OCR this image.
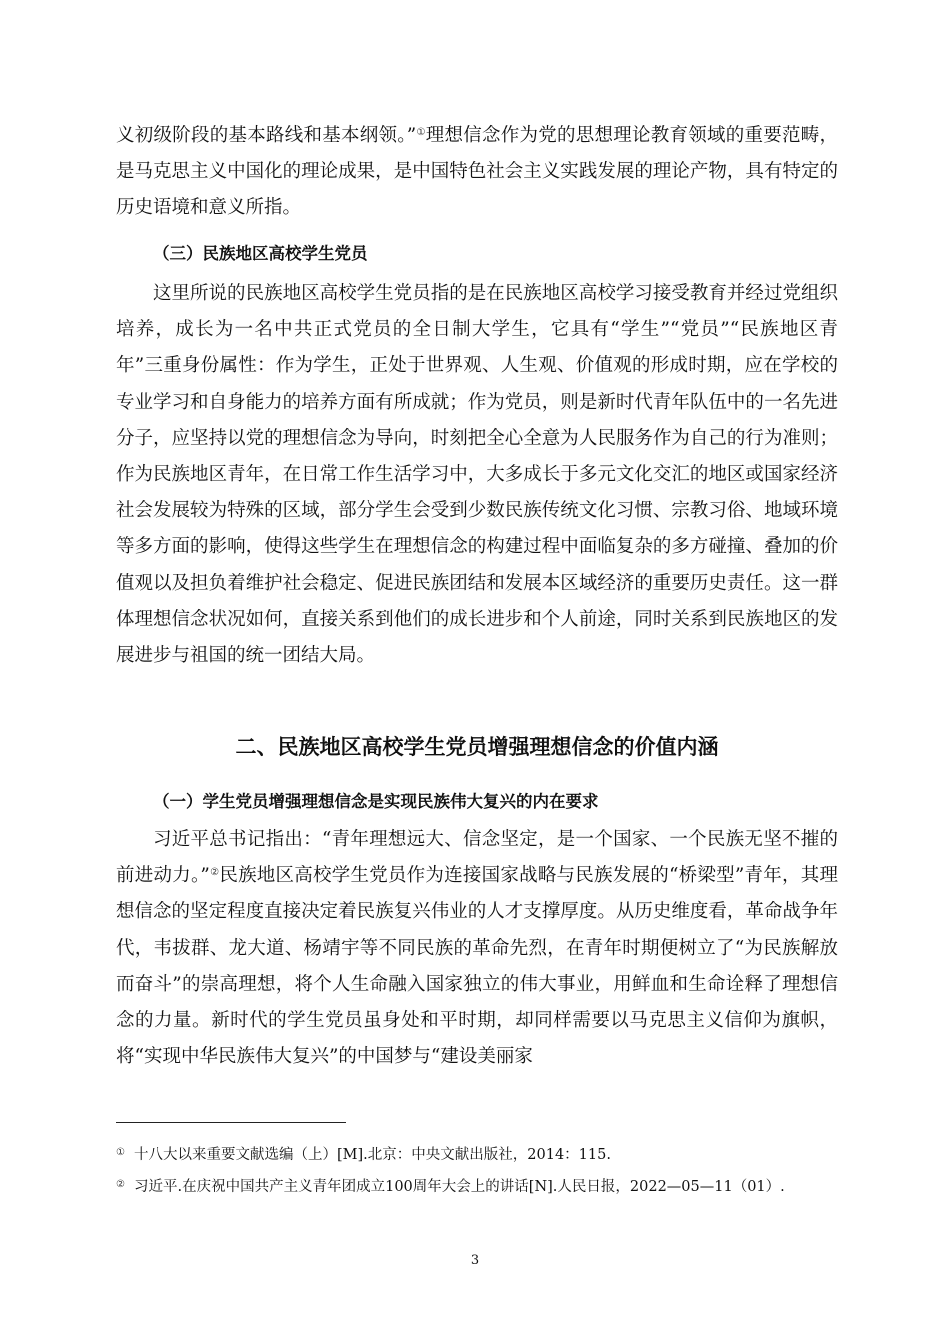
义初级阶段的基本路线和基本纲领。”①理想信念作为党的思想理论教育领域的重要范畴，是马克思主义中国化的理论成果，是中国特色社会主义实践发展的理论产物，具有特定的历史语境和意义所指。

（三）民族地区高校学生党员

这里所说的民族地区高校学生党员指的是在民族地区高校学习接受教育并经过党组织培养，成长为一名中共正式党员的全日制大学生，它具有“学生”“党员”“民族地区青年”三重身份属性：作为学生，正处于世界观、人生观、价值观的形成时期，应在学校的专业学习和自身能力的培养方面有所成就；作为党员，则是新时代青年队伍中的一名先进分子，应坚持以党的理想信念为导向，时刻把全心全意为人民服务作为自己的行为准则；作为民族地区青年，在日常工作生活学习中，大多成长于多元文化交汇的地区或国家经济社会发展较为特殊的区域，部分学生会受到少数民族传统文化习惯、宗教习俗、地域环境等多方面的影响，使得这些学生在理想信念的构建过程中面临复杂的多方碰撞、叠加的价值观以及担负着维护社会稳定、促进民族团结和发展本区域经济的重要历史责任。这一群体理想信念状况如何，直接关系到他们的成长进步和个人前途，同时关系到民族地区的发展进步与祖国的统一团结大局。

二、民族地区高校学生党员增强理想信念的价值内涵
（一）学生党员增强理想信念是实现民族伟大复兴的内在要求

习近平总书记指出：“青年理想远大、信念坚定，是一个国家、一个民族无坚不摧的前进动力。”②民族地区高校学生党员作为连接国家战略与民族发展的“桥梁型”青年，其理想信念的坚定程度直接决定着民族复兴伟业的人才支撑厚度。从历史维度看，革命战争年代，韦拔群、龙大道、杨靖宇等不同民族的革命先烈，在青年时期便树立了“为民族解放而奋斗”的崇高理想，将个人生命融入国家独立的伟大事业，用鲜血和生命诠释了理想信念的力量。新时代的学生党员虽身处和平时期，却同样需要以马克思主义信仰为旗帜，将“实现中华民族伟大复兴”的中国梦与“建设美丽家

① 十八大以来重要文献选编（上）[M].北京：中央文献出版社，2014：115.

② 习近平.在庆祝中国共产主义青年团成立100周年大会上的讲话[N].人民日报，2022—05—11（01）.

3
